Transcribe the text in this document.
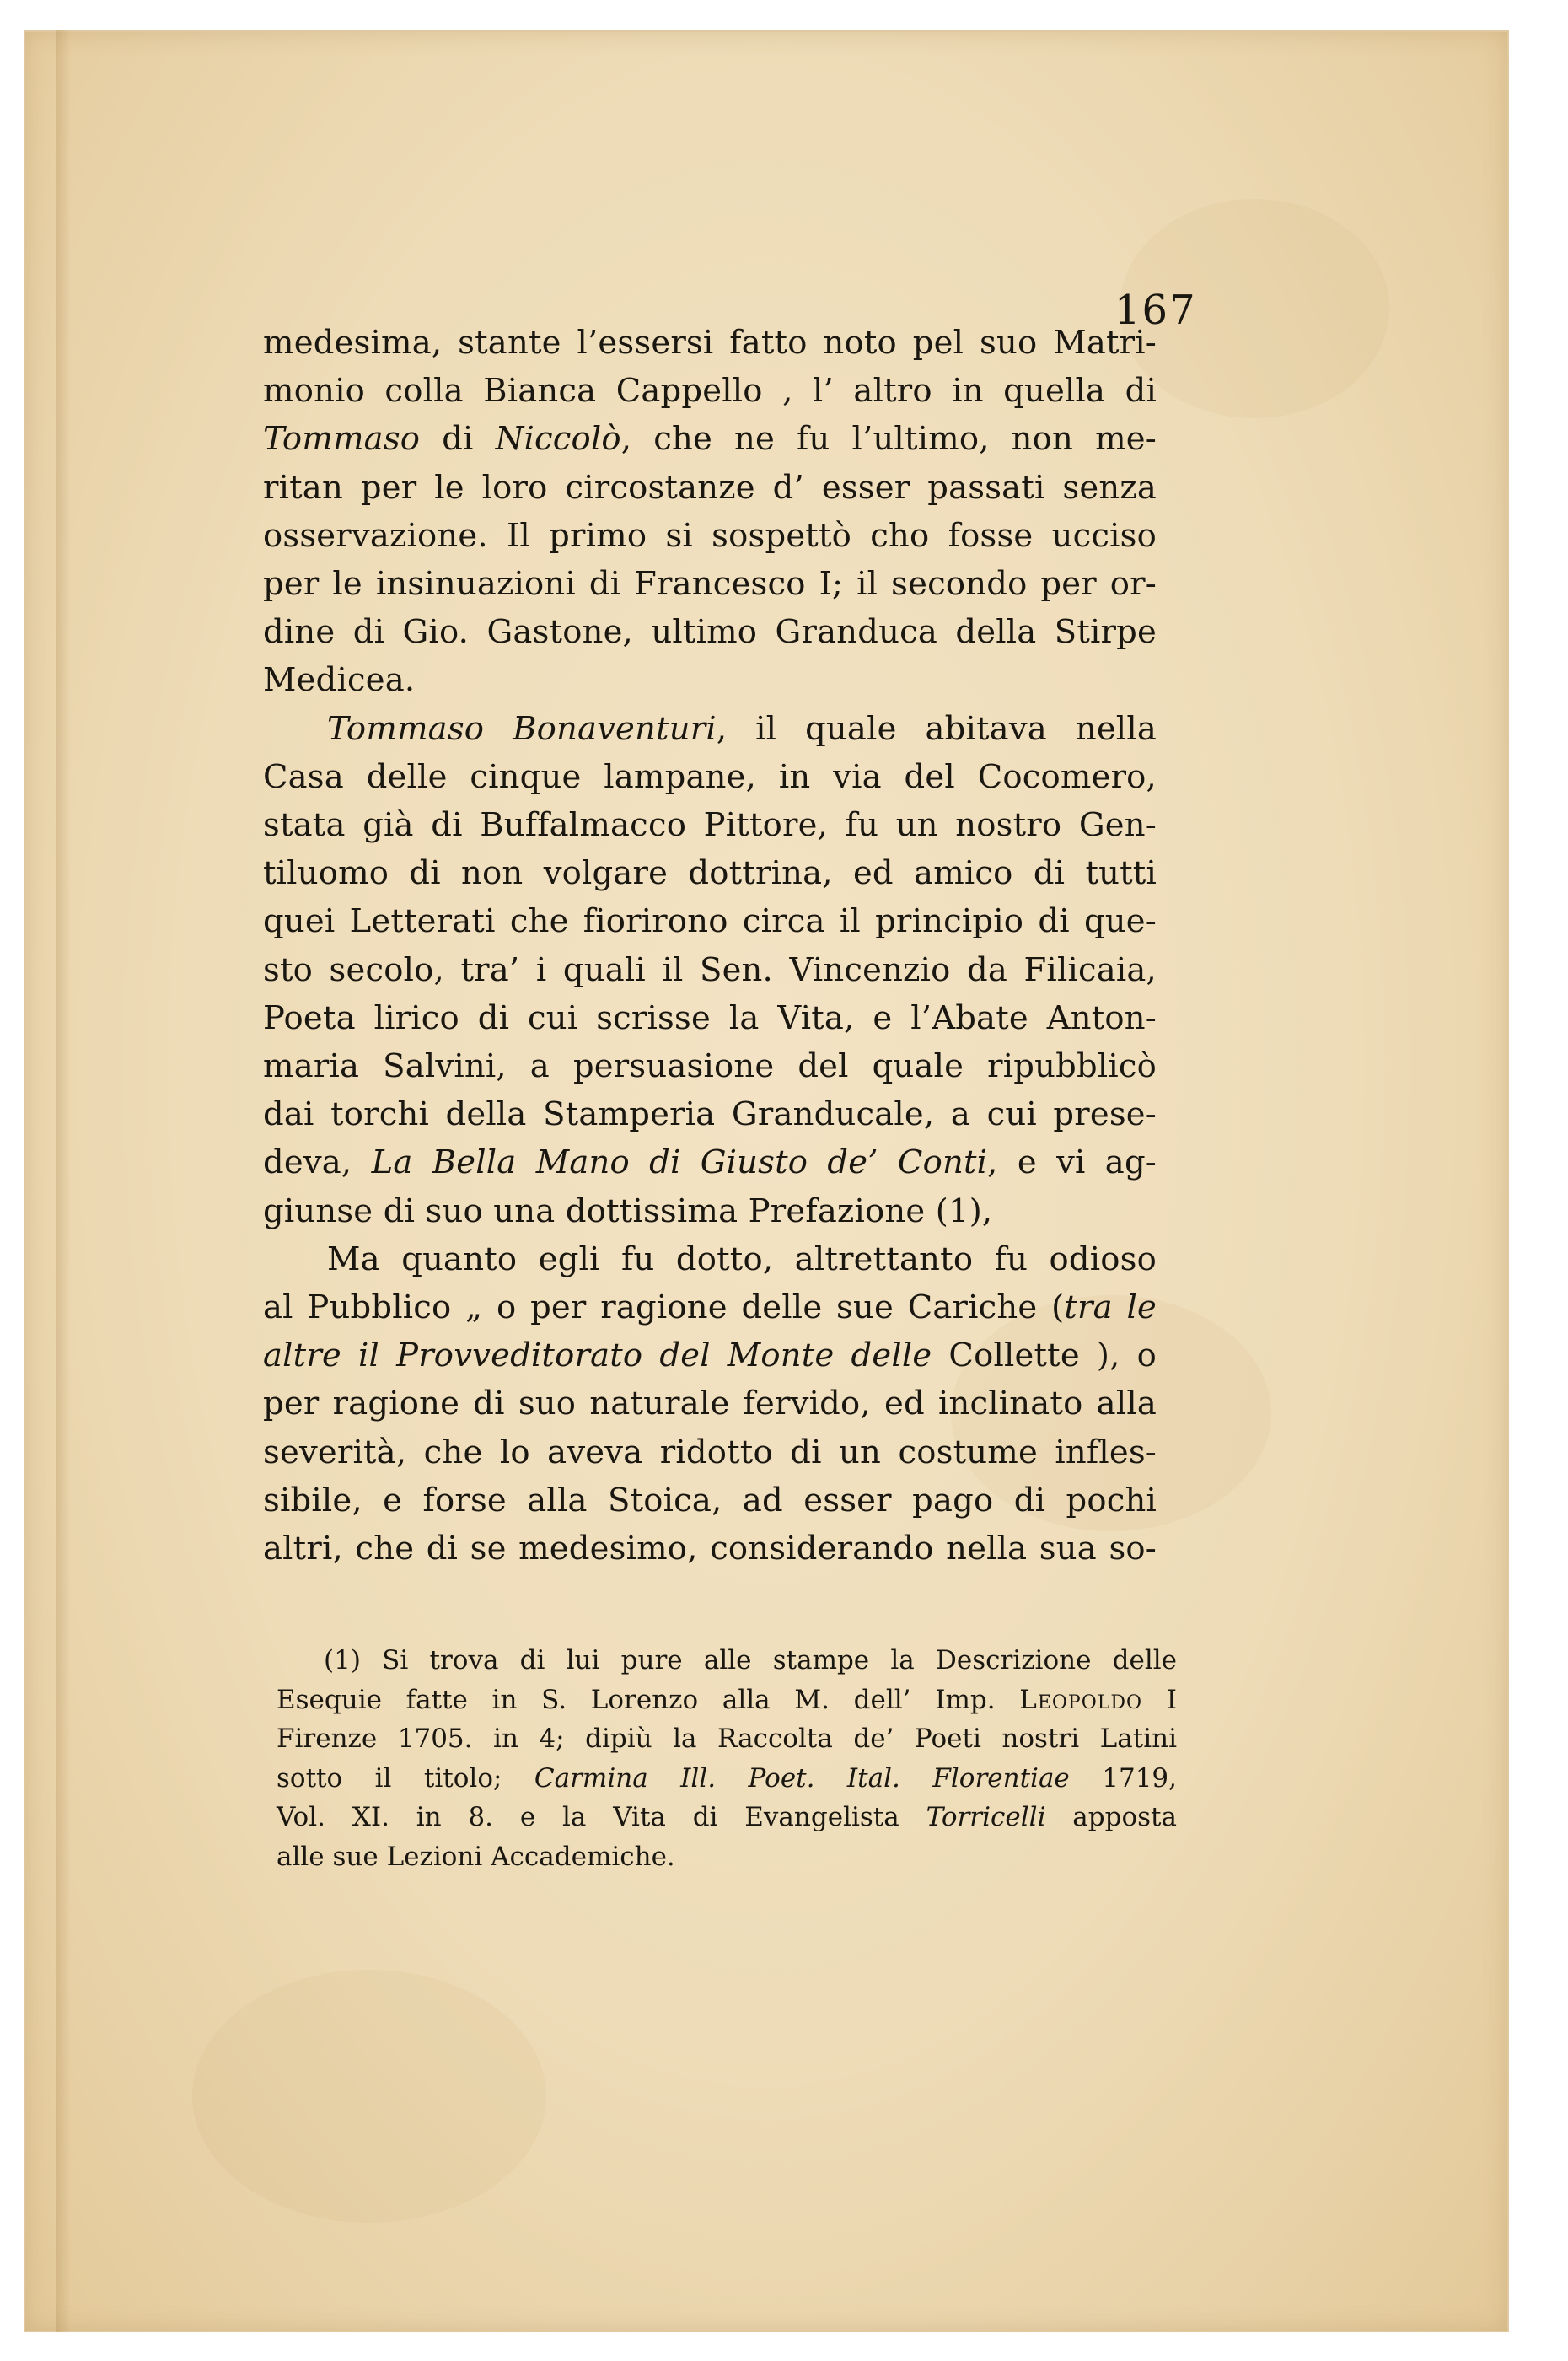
167
medesima, stante l’essersi fatto noto pel suo Matri-
monio colla Bianca Cappello , l’ altro in quella di
Tommaso di Niccolò, che ne fu l’ultimo, non me-
ritan per le loro circostanze d’ esser passati senza
osservazione. Il primo si sospettò cho fosse ucciso
per le insinuazioni di Francesco I; il secondo per or-
dine di Gio. Gastone, ultimo Granduca della Stirpe
Medicea.
Tommaso Bonaventuri, il quale abitava nella
Casa delle cinque lampane, in via del Cocomero,
stata già di Buffalmacco Pittore, fu un nostro Gen-
tiluomo di non volgare dottrina, ed amico di tutti
quei Letterati che fiorirono circa il principio di que-
sto secolo, tra’ i quali il Sen. Vincenzio da Filicaia,
Poeta lirico di cui scrisse la Vita, e l’Abate Anton-
maria Salvini, a persuasione del quale ripubblicò
dai torchi della Stamperia Granducale, a cui prese-
deva, La Bella Mano di Giusto de’ Conti, e vi ag-
giunse di suo una dottissima Prefazione (1),
Ma quanto egli fu dotto, altrettanto fu odioso
al Pubblico „ o per ragione delle sue Cariche (tra le
altre il Provveditorato del Monte delle Collette ), o
per ragione di suo naturale fervido, ed inclinato alla
severità, che lo aveva ridotto di un costume infles-
sibile, e forse alla Stoica, ad esser pago di pochi
altri, che di se medesimo, considerando nella sua so-
(1) Si trova di lui pure alle stampe la Descrizione delle
Esequie fatte in S. Lorenzo alla M. dell’ Imp. Leopoldo I
Firenze 1705. in 4; dipiù la Raccolta de’ Poeti nostri Latini
sotto il titolo; Carmina Ill. Poet. Ital. Florentiae 1719,
Vol. XI. in 8. e la Vita di Evangelista Torricelli apposta
alle sue Lezioni Accademiche.
